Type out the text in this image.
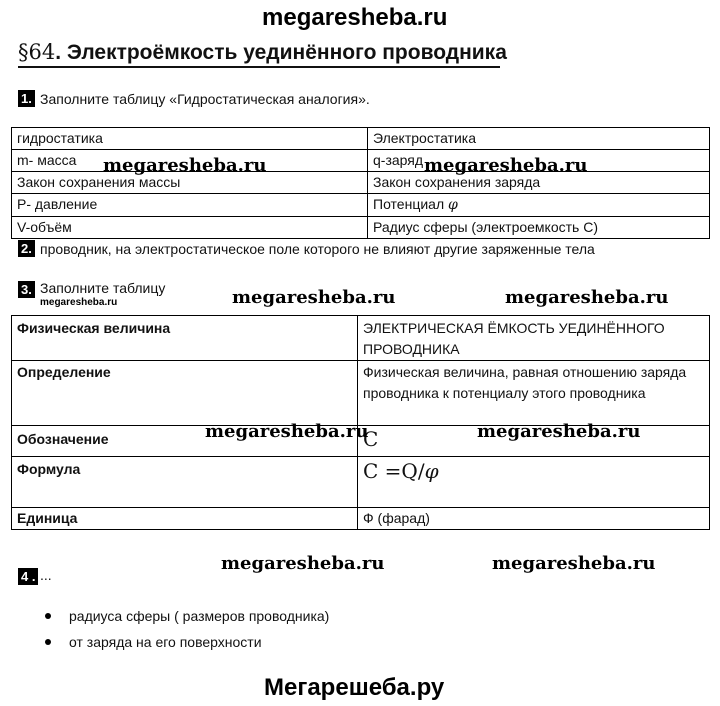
megaresheba.ru
§64. Электроёмкость уединённого проводника
1. Заполните таблицу «Гидростатическая аналогия».
гидростатика	Электростатика
m- масса	q-заряд
Закон сохранения массы	Закон сохранения заряда
P- давление	Потенциал φ
V-объём	Радиус сферы (электроемкость С)
megaresheba.ru	megaresheba.ru
2. проводник, на электростатическое поле которого не влияют другие заряженные тела
3. Заполните таблицу
megaresheba.ru	megaresheba.ru	megaresheba.ru
Физическая величина	ЭЛЕКТРИЧЕСКАЯ ЁМКОСТЬ УЕДИНЁННОГО ПРОВОДНИКА
Определение	Физическая величина, равная отношению заряда проводника к потенциалу этого проводника
Обозначение	C
Формула	C =Q/φ
Единица	Ф (фарад)
megaresheba.ru	megaresheba.ru
4 . ...
megaresheba.ru	megaresheba.ru
радиуса сферы ( размеров проводника)
от заряда на его поверхности
Мегарешеба.ру
